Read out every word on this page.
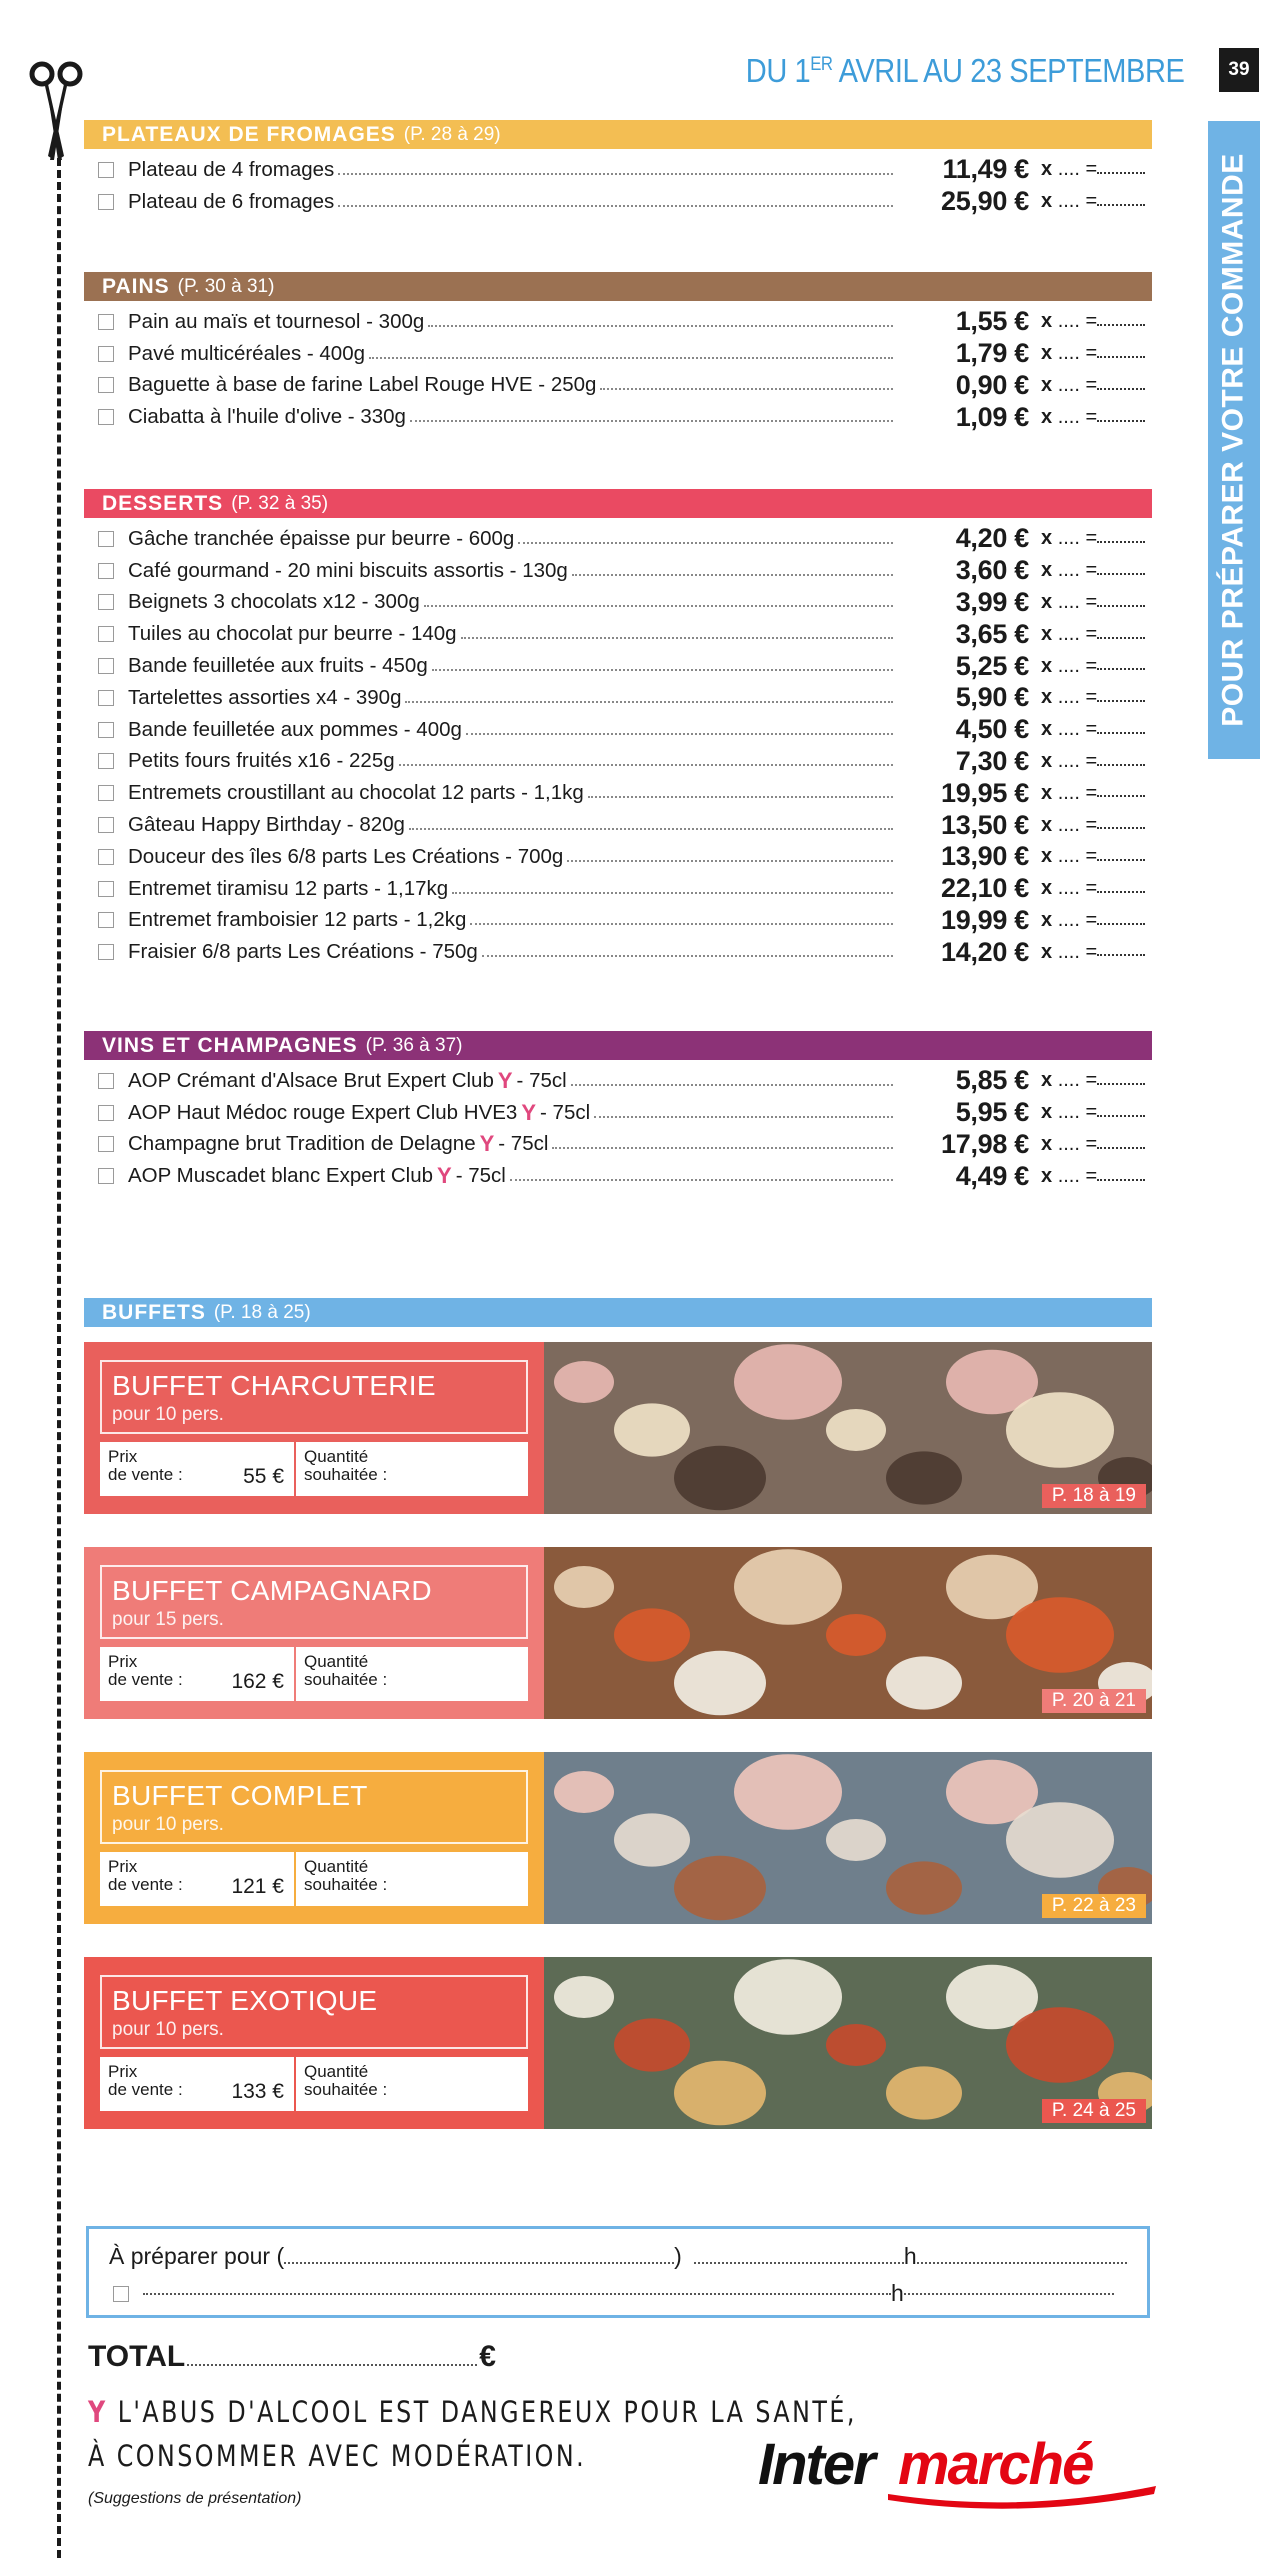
DU 1ER AVRIL AU 23 SEPTEMBRE	39
POUR PRÉPARER VOTRE COMMANDE
PLATEAUX DE FROMAGES (P. 28 à 29)
Plateau de 4 fromages	11,49 € x .... =
Plateau de 6 fromages	25,90 € x .... =
PAINS (P. 30 à 31)
Pain au maïs et tournesol - 300g	1,55 € x .... =
Pavé multicéréales - 400g	1,79 € x .... =
Baguette à base de farine Label Rouge HVE - 250g	0,90 € x .... =
Ciabatta à l'huile d'olive - 330g	1,09 € x .... =
DESSERTS (P. 32 à 35)
Gâche tranchée épaisse pur beurre - 600g	4,20 € x .... =
Café gourmand - 20 mini biscuits assortis - 130g	3,60 € x .... =
Beignets 3 chocolats x12 - 300g	3,99 € x .... =
Tuiles au chocolat pur beurre - 140g	3,65 € x .... =
Bande feuilletée aux fruits - 450g	5,25 € x .... =
Tartelettes assorties x4 - 390g	5,90 € x .... =
Bande feuilletée aux pommes - 400g	4,50 € x .... =
Petits fours fruités x16 - 225g	7,30 € x .... =
Entremets croustillant au chocolat 12 parts - 1,1kg	19,95 € x .... =
Gâteau Happy Birthday - 820g	13,50 € x .... =
Douceur des îles 6/8 parts Les Créations - 700g	13,90 € x .... =
Entremet tiramisu 12 parts - 1,17kg	22,10 € x .... =
Entremet framboisier 12 parts - 1,2kg	19,99 € x .... =
Fraisier 6/8 parts Les Créations - 750g	14,20 € x .... =
VINS ET CHAMPAGNES (P. 36 à 37)
AOP Crémant d'Alsace Brut Expert Club Y - 75cl	5,85 € x .... =
AOP Haut Médoc rouge Expert Club HVE3 Y - 75cl	5,95 € x .... =
Champagne brut Tradition de Delagne Y - 75cl	17,98 € x .... =
AOP Muscadet blanc Expert Club Y - 75cl	4,49 € x .... =
BUFFETS (P. 18 à 25)
BUFFET CHARCUTERIE
pour 10 pers.
Prix
de vente :	55 €
Quantité
souhaitée :
P. 18 à 19
BUFFET CAMPAGNARD
pour 15 pers.
Prix
de vente :	162 €
Quantité
souhaitée :
P. 20 à 21
BUFFET COMPLET
pour 10 pers.
Prix
de vente :	121 €
Quantité
souhaitée :
P. 22 à 23
BUFFET EXOTIQUE
pour 10 pers.
Prix
de vente :	133 €
Quantité
souhaitée :
P. 24 à 25
À préparer pour (	)	h
h
TOTAL	€
Y L'ABUS D'ALCOOL EST DANGEREUX POUR LA SANTÉ,
À CONSOMMER AVEC MODÉRATION.
(Suggestions de présentation)
Inter marché
